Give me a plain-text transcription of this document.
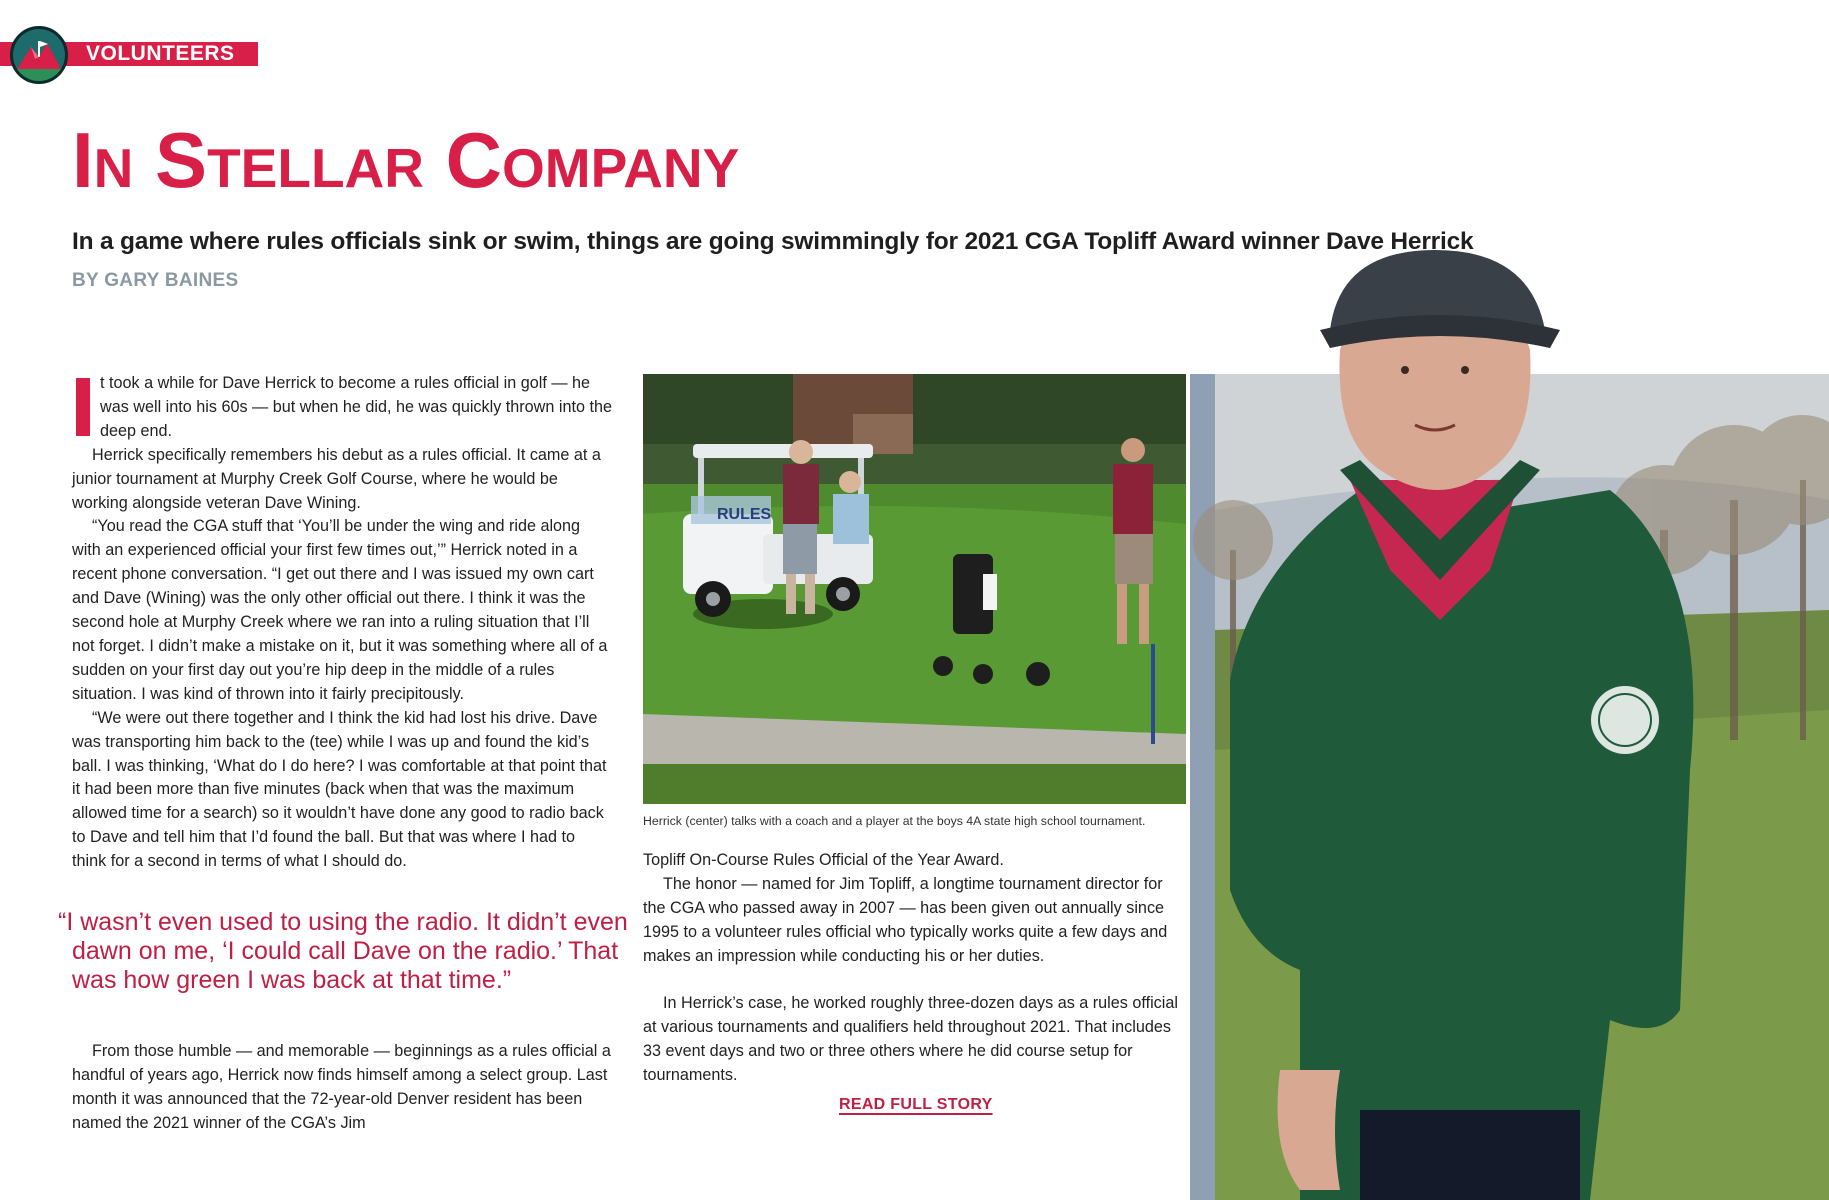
VOLUNTEERS
In Stellar Company
In a game where rules officials sink or swim, things are going swimmingly for 2021 CGA Topliff Award winner Dave Herrick
BY GARY BAINES

t took a while for Dave Herrick to become a rules official in golf — he was well into his 60s — but when he did, he was quickly thrown into the deep end.

Herrick specifically remembers his debut as a rules official. It came at a junior tournament at Murphy Creek Golf Course, where he would be working alongside veteran Dave Wining.

“You read the CGA stuff that ‘You’ll be under the wing and ride along with an experienced official your first few times out,’” Herrick noted in a recent phone conversation. “I get out there and I was issued my own cart and Dave (Wining) was the only other official out there. I think it was the second hole at Murphy Creek where we ran into a ruling situation that I’ll not forget. I didn’t make a mistake on it, but it was something where all of a sudden on your first day out you’re hip deep in the middle of a rules situation. I was kind of thrown into it fairly precipitously.

“We were out there together and I think the kid had lost his drive. Dave was transporting him back to the (tee) while I was up and found the kid’s ball. I was thinking, ‘What do I do here? I was comfortable at that point that it had been more than five minutes (back when that was the maximum allowed time for a search) so it wouldn’t have done any good to radio back to Dave and tell him that I’d found the ball. But that was where I had to think for a second in terms of what I should do.

“I wasn’t even used to using the radio. It didn’t even dawn on me, ‘I could call Dave on the radio.’ That was how green I was back at that time.”

From those humble — and memorable — beginnings as a rules official a handful of years ago, Herrick now finds himself among a select group. Last month it was announced that the 72-year-old Denver resident has been named the 2021 winner of the CGA’s Jim

RULES
Herrick (center) talks with a coach and a player at the boys 4A state high school tournament.

Topliff On-Course Rules Official of the Year Award.

The honor — named for Jim Topliff, a longtime tournament director for the CGA who passed away in 2007 — has been given out annually since 1995 to a volunteer rules official who typically works quite a few days and makes an impression while conducting his or her duties.

In Herrick’s case, he worked roughly three-dozen days as a rules official at various tournaments and qualifiers held throughout 2021. That includes 33 event days and two or three others where he did course setup for tournaments.

READ FULL STORY
